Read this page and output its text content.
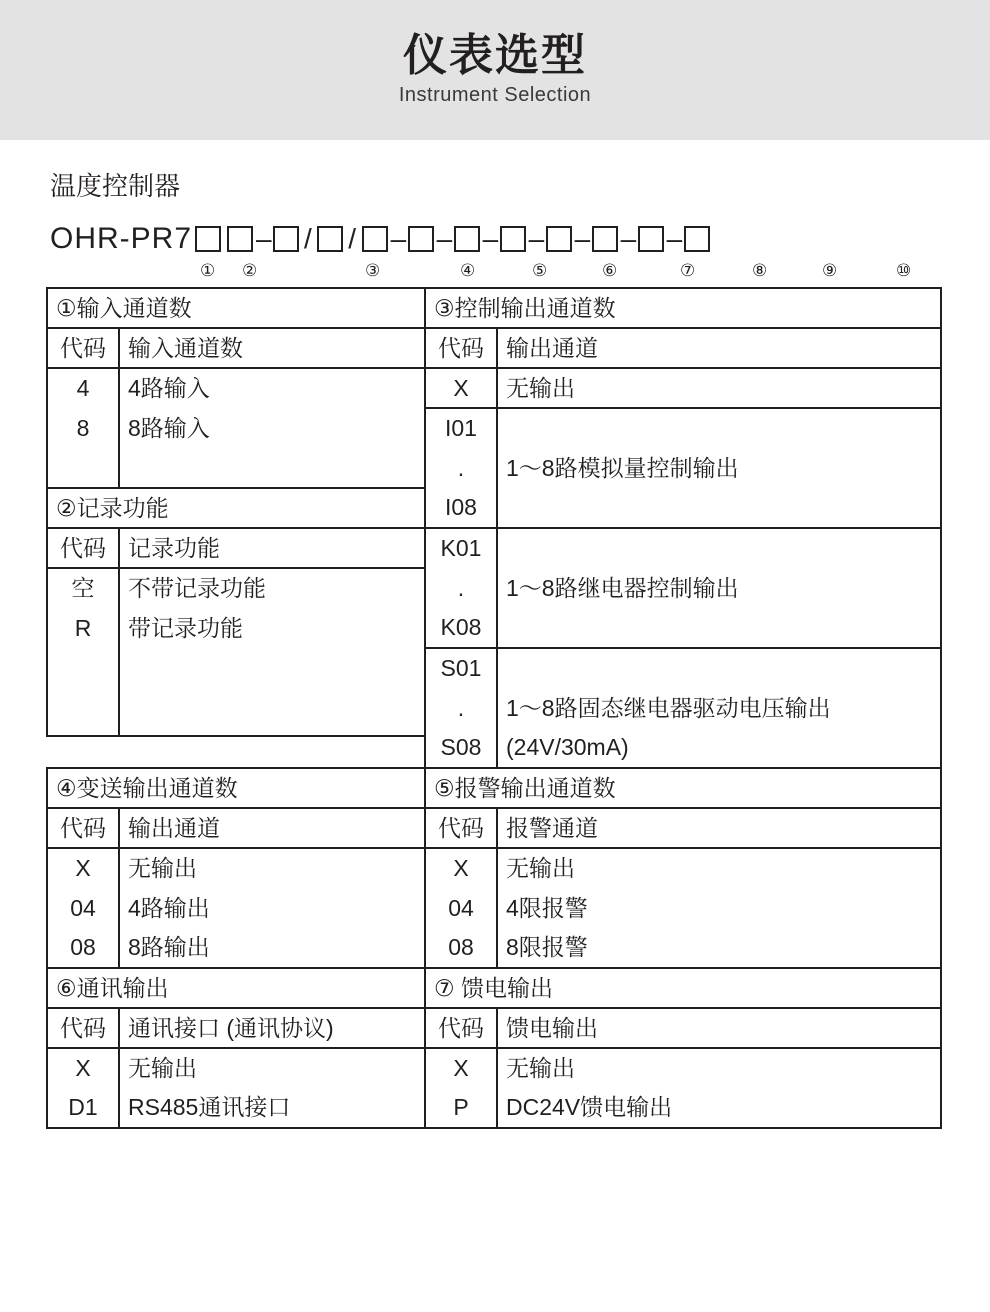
仪表选型
Instrument Selection
温度控制器
OHR-PR7 – / / – – – – – – –
① ②	③	④	⑤	⑥	⑦	⑧	⑨	⑩
①输入通道数	
代码	输入通道数
4	4路输入
8	8路输入

②记录功能	
代码	记录功能
空	不带记录功能
R	带记录功能

③控制输出通道数	
代码	输出通道
X	无输出
I01	1～8路模拟量控制输出
.	
I08	
K01	1～8路继电器控制输出
.	
K08	
S01	
.	1～8路固态继电器驱动电压输出
S08	(24V/30mA)
④变送输出通道数	
代码	输出通道
X	无输出
04	4路输出
08	8路输出
⑤报警输出通道数	
代码	报警通道
X	无输出
04	4限报警
08	8限报警
⑥通讯输出	
代码	通讯接口 (通讯协议)
X	无输出
D1	RS485通讯接口
⑦ 馈电输出	
代码	馈电输出
X	无输出
P	DC24V馈电输出
